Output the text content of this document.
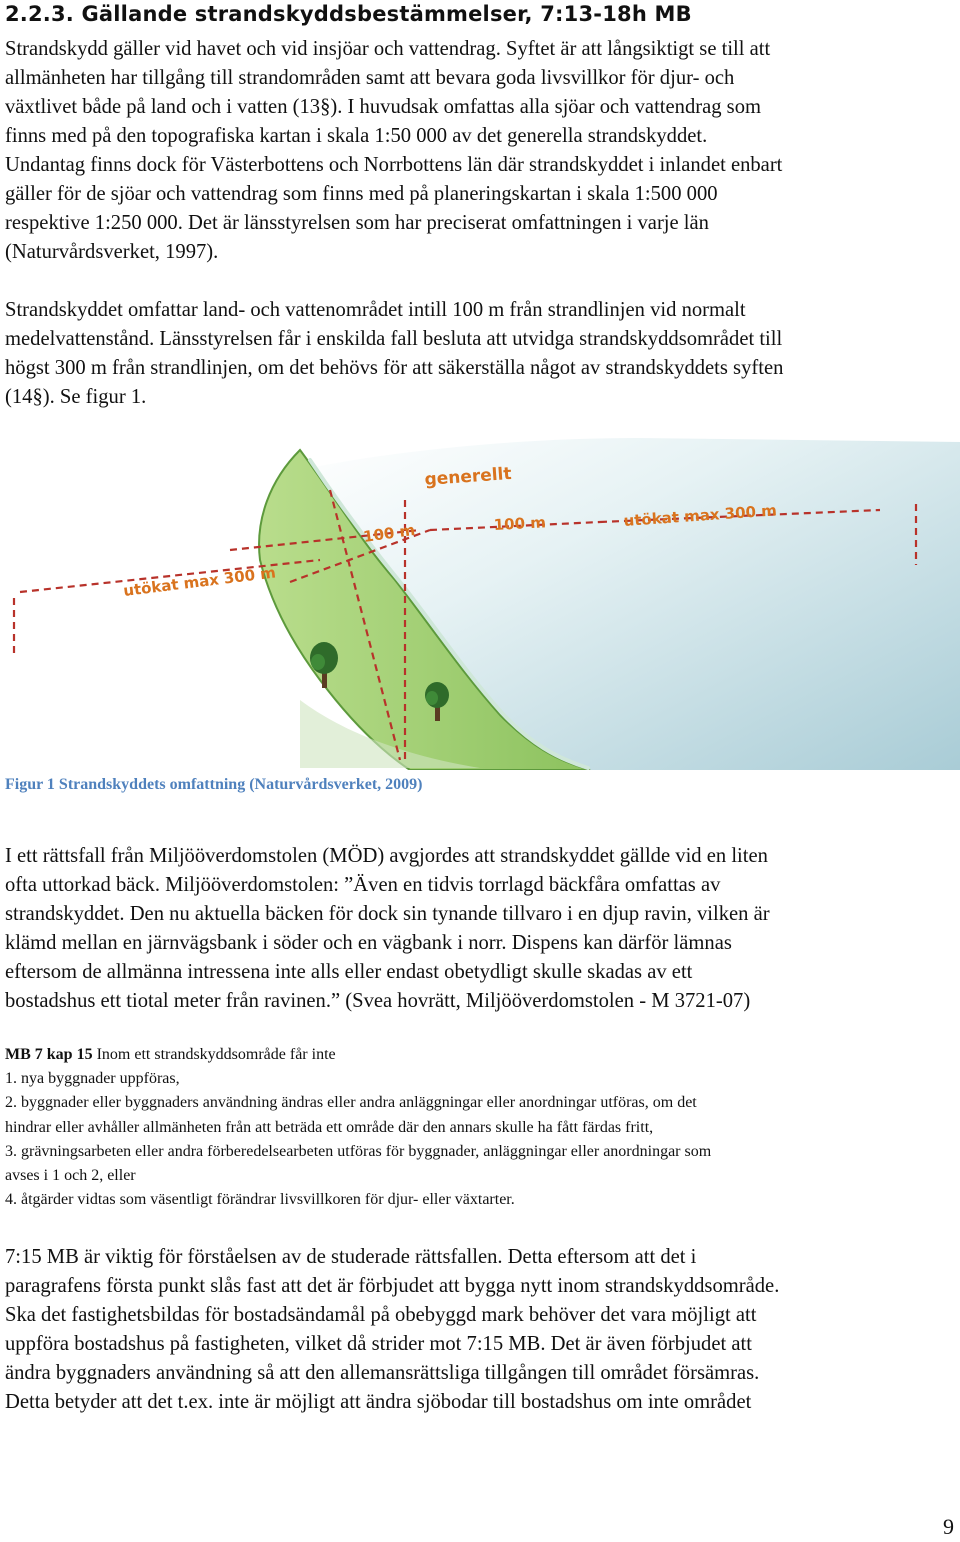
2.2.3. Gällande strandskyddsbestämmelser, 7:13-18h MB
Strandskydd gäller vid havet och vid insjöar och vattendrag. Syftet är att långsiktigt se till att
allmänheten har tillgång till strandområden samt att bevara goda livsvillkor för djur- och
växtlivet både på land och i vatten (13§). I huvudsak omfattas alla sjöar och vattendrag som
finns med på den topografiska kartan i skala 1:50 000 av det generella strandskyddet.
Undantag finns dock för Västerbottens och Norrbottens län där strandskyddet i inlandet enbart
gäller för de sjöar och vattendrag som finns med på planeringskartan i skala 1:500 000
respektive 1:250 000. Det är länsstyrelsen som har preciserat omfattningen i varje län
(Naturvårdsverket, 1997).
Strandskyddet omfattar land- och vattenområdet intill 100 m från strandlinjen vid normalt
medelvattenstånd. Länsstyrelsen får i enskilda fall besluta att utvidga strandskyddsområdet till
högst 300 m från strandlinjen, om det behövs för att säkerställa något av strandskyddets syften
(14§). Se figur 1.
generellt
100 m	100 m
utökat max 300 m
utökat max 300 m
Figur 1 Strandskyddets omfattning (Naturvårdsverket, 2009)
I ett rättsfall från Miljööverdomstolen (MÖD) avgjordes att strandskyddet gällde vid en liten
ofta uttorkad bäck. Miljööverdomstolen: ”Även en tidvis torrlagd bäckfåra omfattas av
strandskyddet. Den nu aktuella bäcken för dock sin tynande tillvaro i en djup ravin, vilken är
klämd mellan en järnvägsbank i söder och en vägbank i norr. Dispens kan därför lämnas
eftersom de allmänna intressena inte alls eller endast obetydligt skulle skadas av ett
bostadshus ett tiotal meter från ravinen.” (Svea hovrätt, Miljööverdomstolen - M 3721-07)
MB 7 kap 15 Inom ett strandskyddsområde får inte
1. nya byggnader uppföras,
2. byggnader eller byggnaders användning ändras eller andra anläggningar eller anordningar utföras, om det
hindrar eller avhåller allmänheten från att beträda ett område där den annars skulle ha fått färdas fritt,
3. grävningsarbeten eller andra förberedelsearbeten utföras för byggnader, anläggningar eller anordningar som
avses i 1 och 2, eller
4. åtgärder vidtas som väsentligt förändrar livsvillkoren för djur- eller växtarter.
7:15 MB är viktig för förståelsen av de studerade rättsfallen. Detta eftersom att det i
paragrafens första punkt slås fast att det är förbjudet att bygga nytt inom strandskyddsområde.
Ska det fastighetsbildas för bostadsändamål på obebyggd mark behöver det vara möjligt att
uppföra bostadshus på fastigheten, vilket då strider mot 7:15 MB. Det är även förbjudet att
ändra byggnaders användning så att den allemansrättsliga tillgången till området försämras.
Detta betyder att det t.ex. inte är möjligt att ändra sjöbodar till bostadshus om inte området
9
